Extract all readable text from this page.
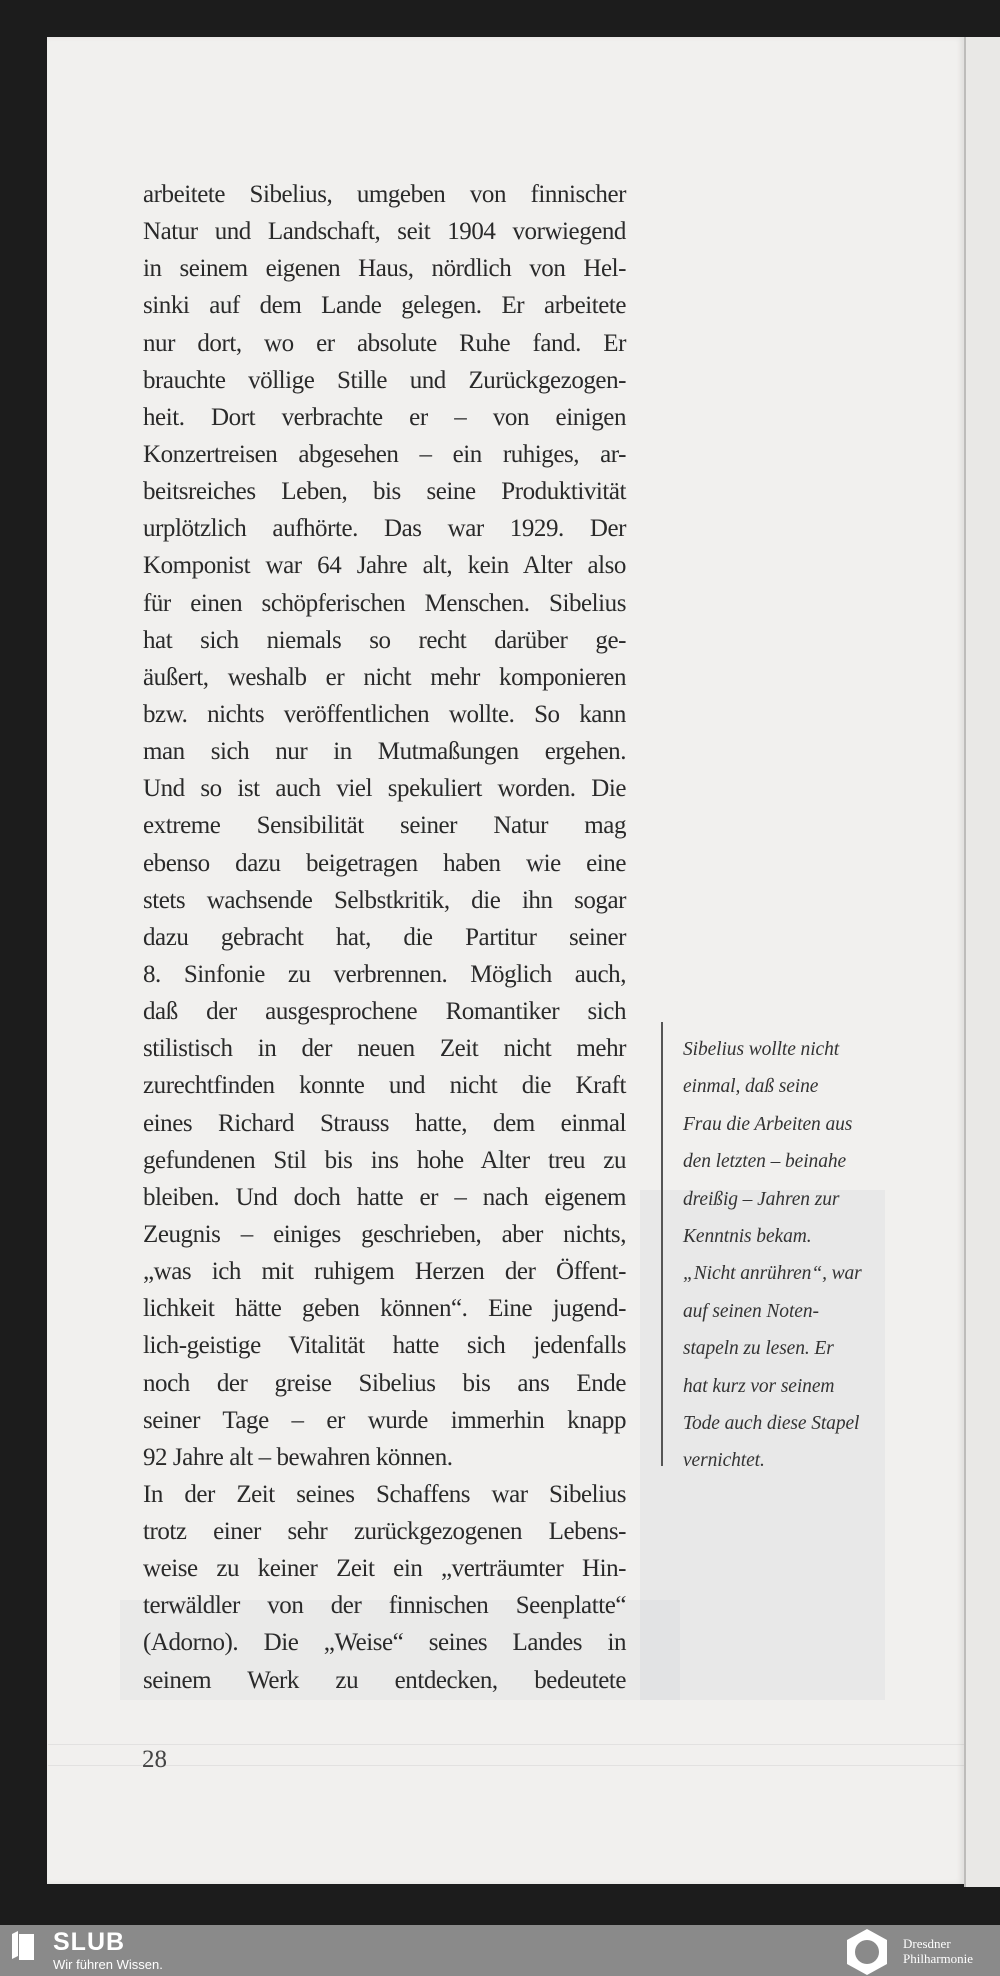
arbeitete Sibelius, umgeben von finnischer
Natur und Landschaft, seit 1904 vorwiegend
in seinem eigenen Haus, nördlich von Hel-
sinki auf dem Lande gelegen. Er arbeitete
nur dort, wo er absolute Ruhe fand. Er
brauchte völlige Stille und Zurückgezogen-
heit. Dort verbrachte er – von einigen
Konzertreisen abgesehen – ein ruhiges, ar-
beitsreiches Leben, bis seine Produktivität
urplötzlich aufhörte. Das war 1929. Der
Komponist war 64 Jahre alt, kein Alter also
für einen schöpferischen Menschen. Sibelius
hat sich niemals so recht darüber ge-
äußert, weshalb er nicht mehr komponieren
bzw. nichts veröffentlichen wollte. So kann
man sich nur in Mutmaßungen ergehen.
Und so ist auch viel spekuliert worden. Die
extreme Sensibilität seiner Natur mag
ebenso dazu beigetragen haben wie eine
stets wachsende Selbstkritik, die ihn sogar
dazu gebracht hat, die Partitur seiner
8. Sinfonie zu verbrennen. Möglich auch,
daß der ausgesprochene Romantiker sich
stilistisch in der neuen Zeit nicht mehr
zurechtfinden konnte und nicht die Kraft
eines Richard Strauss hatte, dem einmal
gefundenen Stil bis ins hohe Alter treu zu
bleiben. Und doch hatte er – nach eigenem
Zeugnis – einiges geschrieben, aber nichts,
„was ich mit ruhigem Herzen der Öffent-
lichkeit hätte geben können“. Eine jugend-
lich-geistige Vitalität hatte sich jedenfalls
noch der greise Sibelius bis ans Ende
seiner Tage – er wurde immerhin knapp
92 Jahre alt – bewahren können.
In der Zeit seines Schaffens war Sibelius
trotz einer sehr zurückgezogenen Lebens-
weise zu keiner Zeit ein „verträumter Hin-
terwäldler von der finnischen Seenplatte“
(Adorno). Die „Weise“ seines Landes in
seinem Werk zu entdecken, bedeutete
Sibelius wollte nicht
einmal, daß seine
Frau die Arbeiten aus
den letzten – beinahe
dreißig – Jahren zur
Kenntnis bekam.
„Nicht anrühren“, war
auf seinen Noten-
stapeln zu lesen. Er
hat kurz vor seinem
Tode auch diese Stapel
vernichtet.
28
SLUB
Wir führen Wissen.
Dresdner
Philharmonie
